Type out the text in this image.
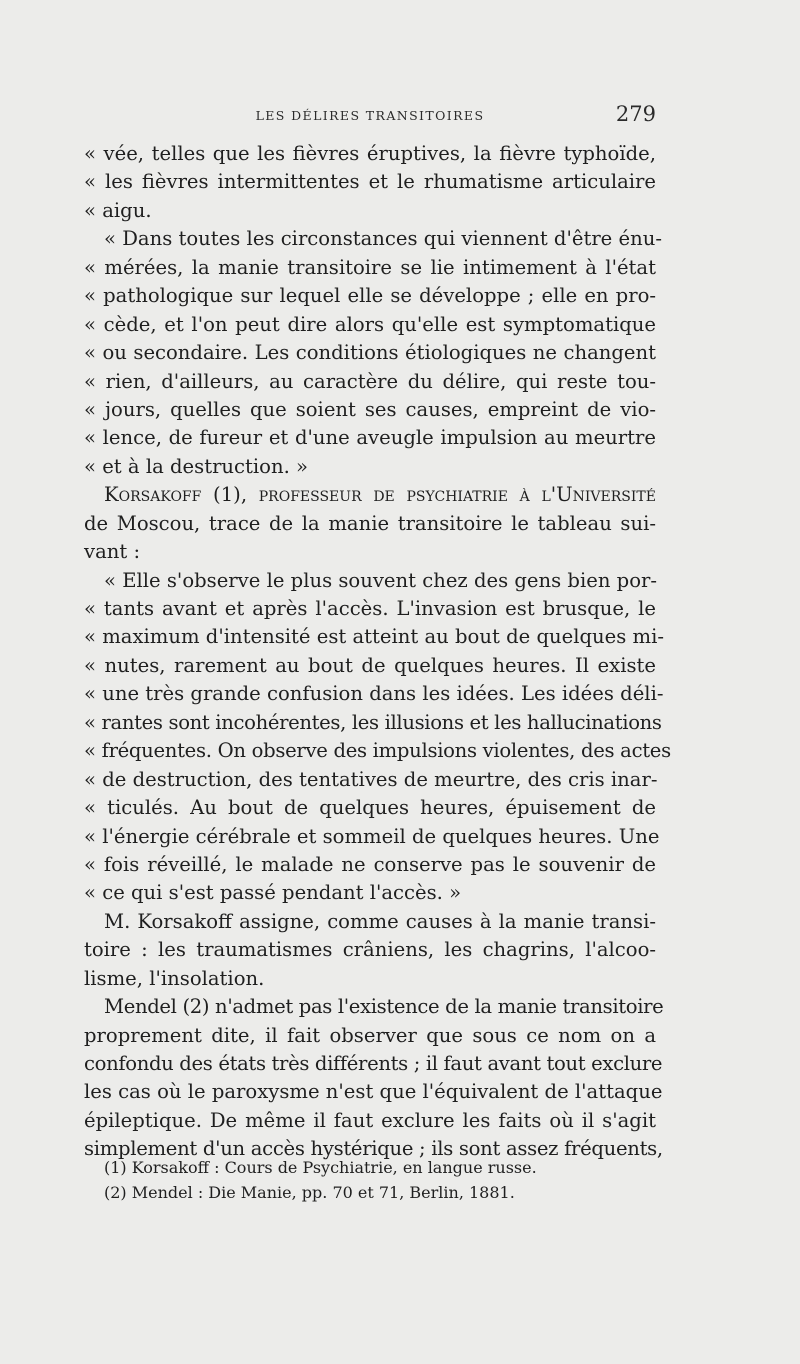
LES DÉLIRES TRANSITOIRES	279
« vée, telles que les fièvres éruptives, la fièvre typhoïde,
« les fièvres intermittentes et le rhumatisme articulaire
« aigu.
« Dans toutes les circonstances qui viennent d'être énu-
« mérées, la manie transitoire se lie intimement à l'état
« pathologique sur lequel elle se développe ; elle en pro-
« cède, et l'on peut dire alors qu'elle est symptomatique
« ou secondaire. Les conditions étiologiques ne changent
« rien, d'ailleurs, au caractère du délire, qui reste tou-
« jours, quelles que soient ses causes, empreint de vio-
« lence, de fureur et d'une aveugle impulsion au meurtre
« et à la destruction. »
Korsakoff (1), professeur de psychiatrie à l'Université
de Moscou, trace de la manie transitoire le tableau sui-
vant :
« Elle s'observe le plus souvent chez des gens bien por-
« tants avant et après l'accès. L'invasion est brusque, le
« maximum d'intensité est atteint au bout de quelques mi-
« nutes, rarement au bout de quelques heures. Il existe
« une très grande confusion dans les idées. Les idées déli-
« rantes sont incohérentes, les illusions et les hallucinations
« fréquentes. On observe des impulsions violentes, des actes
« de destruction, des tentatives de meurtre, des cris inar-
« ticulés. Au bout de quelques heures, épuisement de
« l'énergie cérébrale et sommeil de quelques heures. Une
« fois réveillé, le malade ne conserve pas le souvenir de
« ce qui s'est passé pendant l'accès. »
M. Korsakoff assigne, comme causes à la manie transi-
toire : les traumatismes crâniens, les chagrins, l'alcoo-
lisme, l'insolation.
Mendel (2) n'admet pas l'existence de la manie transitoire
proprement dite, il fait observer que sous ce nom on a
confondu des états très différents ; il faut avant tout exclure
les cas où le paroxysme n'est que l'équivalent de l'attaque
épileptique. De même il faut exclure les faits où il s'agit
simplement d'un accès hystérique ; ils sont assez fréquents,
(1) Korsakoff : Cours de Psychiatrie, en langue russe.
(2) Mendel : Die Manie, pp. 70 et 71, Berlin, 1881.
